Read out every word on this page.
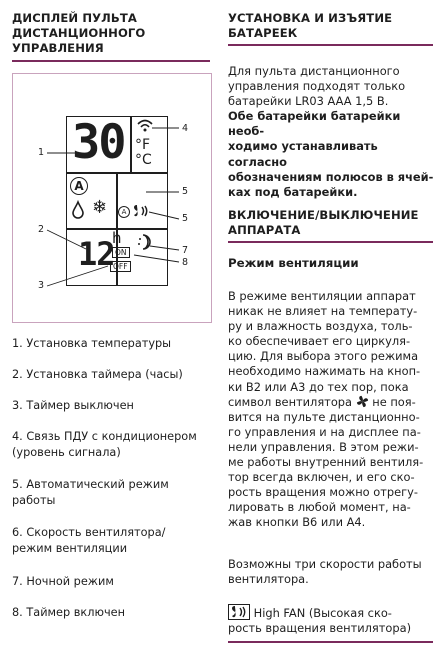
ДИСПЛЕЙ ПУЛЬТА
ДИСТАНЦИОННОГО
УПРАВЛЕНИЯ
30 °F
°C
A
❄	A
12
h
ON
OFF
1
4
5
5
2
7
8
3
1. Установка температуры
2. Установка таймера (часы)
3. Таймер выключен
4. Связь ПДУ с кондиционером
(уровень сигнала)
5. Автоматический режим
работы
6. Скорость вентилятора/
режим вентиляции
7. Ночной режим
8. Таймер включен
УСТАНОВКА И ИЗЪЯТИЕ
БАТАРЕЕК
Для пульта дистанционного
управления подходят только
батарейки LR03 AAA 1,5 В.
Обе батарейки батарейки необ-
ходимо устанавливать согласно
обозначениям полюсов в ячей-
ках под батарейки.
ВКЛЮЧЕНИЕ/ВЫКЛЮЧЕНИЕ
АППАРАТА
Режим вентиляции
В режиме вентиляции аппарат
никак не влияет на температу-
ру и влажность воздуха, толь-
ко обеспечивает его циркуля-
цию. Для выбора этого режима
необходимо нажимать на кноп-
ки B2 или A3 до тех пор, пока
символ вентилятора не поя-
вится на пульте дистанционно-
го управления и на дисплее па-
нели управления. В этом режи-
ме работы внутренний вентиля-
тор всегда включен, и его ско-
рость вращения можно отрегу-
лировать в любой момент, на-
жав кнопки B6 или A4.
Возможны три скорости работы
вентилятора.
High FAN (Высокая ско-
рость вращения вентилятора)
